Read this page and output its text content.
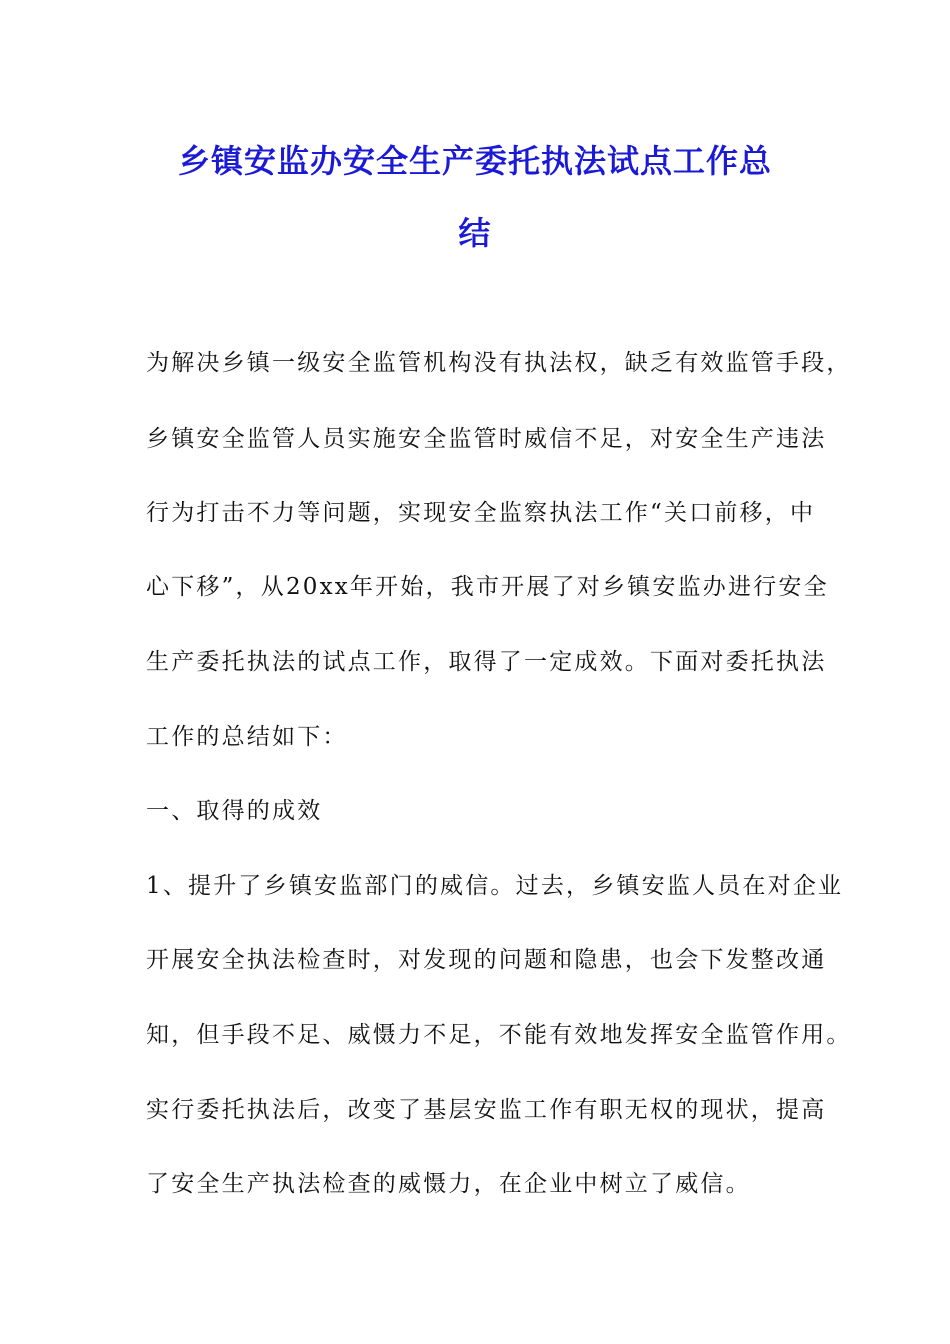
乡镇安监办安全生产委托执法试点工作总
结

为解决乡镇一级安全监管机构没有执法权，缺乏有效监管手段，

乡镇安全监管人员实施安全监管时威信不足，对安全生产违法

行为打击不力等问题，实现安全监察执法工作“关口前移，中

心下移”，从20xx年开始，我市开展了对乡镇安监办进行安全

生产委托执法的试点工作，取得了一定成效。下面对委托执法

工作的总结如下：

一、取得的成效

1、提升了乡镇安监部门的威信。过去，乡镇安监人员在对企业

开展安全执法检查时，对发现的问题和隐患，也会下发整改通

知，但手段不足、威慑力不足，不能有效地发挥安全监管作用。

实行委托执法后，改变了基层安监工作有职无权的现状，提高

了安全生产执法检查的威慑力，在企业中树立了威信。
